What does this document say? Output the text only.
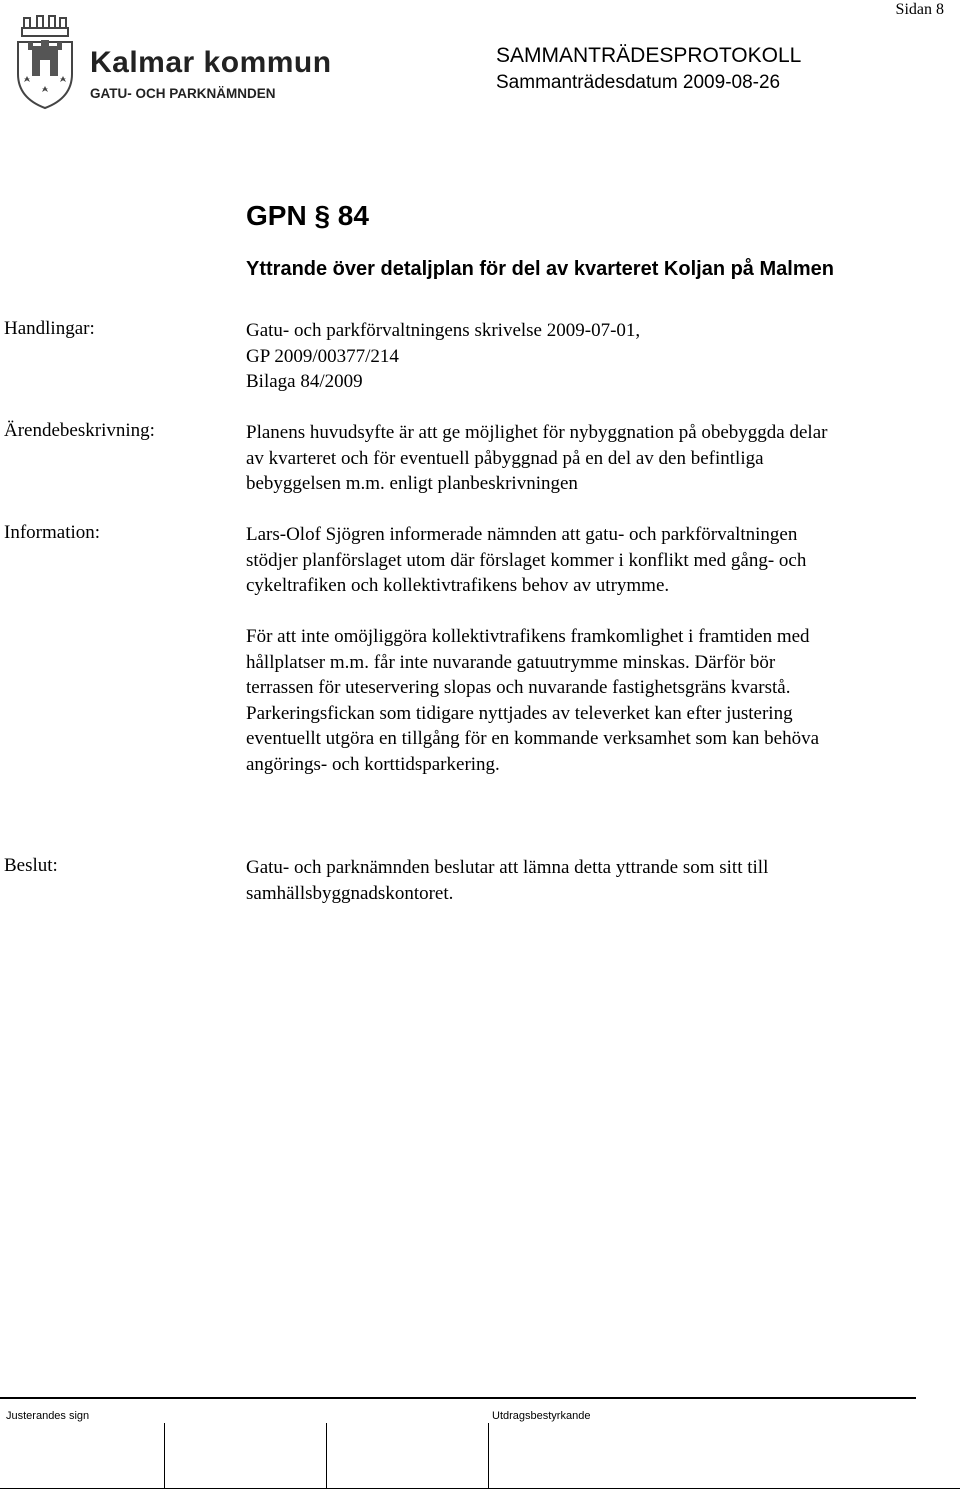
Sidan 8
Kalmar kommun
GATU- OCH PARKNÄMNDEN
SAMMANTRÄDESPROTOKOLL
Sammanträdesdatum 2009-08-26
GPN § 84
Yttrande över detaljplan för del av kvarteret Koljan på Malmen
Handlingar:	Gatu- och parkförvaltningens skrivelse 2009-07-01,
GP 2009/00377/214
Bilaga 84/2009
Ärendebeskrivning:	Planens huvudsyfte är att ge möjlighet för nybyggnation på obebyggda delar
av kvarteret och för eventuell påbyggnad på en del av den befintliga
bebyggelsen m.m. enligt planbeskrivningen
Information:	Lars-Olof Sjögren informerade nämnden att gatu- och parkförvaltningen
stödjer planförslaget utom där förslaget kommer i konflikt med gång- och
cykeltrafiken och kollektivtrafikens behov av utrymme.
För att inte omöjliggöra kollektivtrafikens framkomlighet i framtiden med
hållplatser m.m. får inte nuvarande gatuutrymme minskas. Därför bör
terrassen för uteservering slopas och nuvarande fastighetsgräns kvarstå.
Parkeringsfickan som tidigare nyttjades av televerket kan efter justering
eventuellt utgöra en tillgång för en kommande verksamhet som kan behöva
angörings- och korttidsparkering.
Beslut:	Gatu- och parknämnden beslutar att lämna detta yttrande som sitt till
samhällsbyggnadskontoret.
Justerandes sign	Utdragsbestyrkande
